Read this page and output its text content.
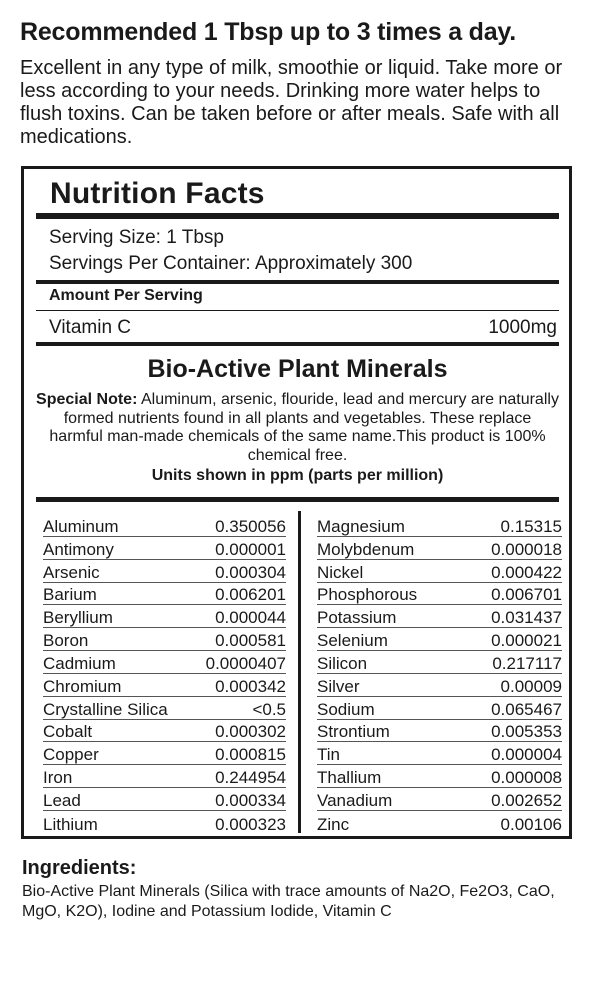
Recommended 1 Tbsp up to 3 times a day.
Excellent in any type of milk, smoothie or liquid. Take more or less according to your needs. Drinking more water helps to flush toxins. Can be taken before or after meals. Safe with all medications.
Nutrition Facts
Serving Size: 1 Tbsp
Servings Per Container: Approximately 300
Amount Per Serving
Vitamin C	1000mg
Bio-Active Plant Minerals
Special Note: Aluminum, arsenic, flouride, lead and mercury are naturally formed nutrients found in all plants and vegetables. These replace harmful man-made chemicals of the same name.This product is 100% chemical free.
Units shown in ppm (parts per million)
Aluminum	0.350056
Antimony	0.000001
Arsenic	0.000304
Barium	0.006201
Beryllium	0.000044
Boron	0.000581
Cadmium	0.0000407
Chromium	0.000342
Crystalline Silica	<0.5
Cobalt	0.000302
Copper	0.000815
Iron	0.244954
Lead	0.000334
Lithium	0.000323
Magnesium	0.15315
Molybdenum	0.000018
Nickel	0.000422
Phosphorous	0.006701
Potassium	0.031437
Selenium	0.000021
Silicon	0.217117
Silver	0.00009
Sodium	0.065467
Strontium	0.005353
Tin	0.000004
Thallium	0.000008
Vanadium	0.002652
Zinc	0.00106
Ingredients:
Bio-Active Plant Minerals (Silica with trace amounts of Na2O, Fe2O3, CaO, MgO, K2O), Iodine and Potassium Iodide, Vitamin C
